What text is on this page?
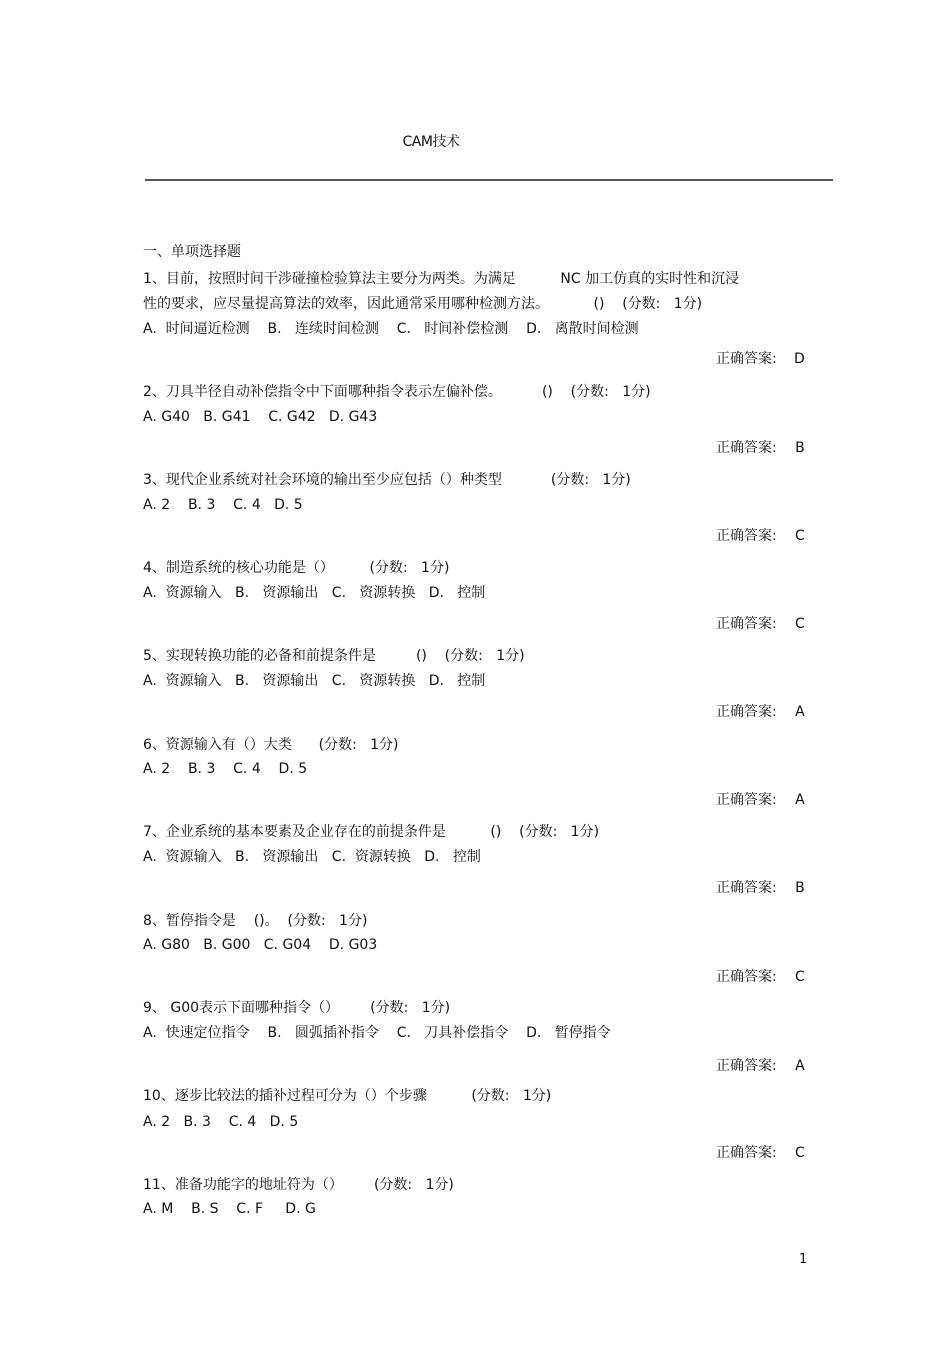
CAM技术
一、单项选择题
1、目前，按照时间干涉碰撞检验算法主要分为两类。为满足          NC 加工仿真的实时性和沉浸
性的要求，应尽量提高算法的效率，因此通常采用哪种检测方法。          ()    (分数:   1分)
A.  时间逼近检测    B.   连续时间检测    C.   时间补偿检测    D.   离散时间检测
正确答案: D
2、刀具半径自动补偿指令中下面哪种指令表示左偏补偿。         ()    (分数:   1分)
A. G40   B. G41    C. G42   D. G43
正确答案: B
3、现代企业系统对社会环境的输出至少应包括（）种类型           (分数:   1分)
A. 2    B. 3    C. 4   D. 5
正确答案: C
4、制造系统的核心功能是（）        (分数:   1分)
A.  资源输入   B.   资源输出   C.   资源转换   D.   控制
正确答案: C
5、实现转换功能的必备和前提条件是         ()    (分数:   1分)
A.  资源输入   B.   资源输出   C.   资源转换   D.   控制
正确答案: A
6、资源输入有（）大类      (分数:   1分)
A. 2    B. 3    C. 4    D. 5
正确答案: A
7、企业系统的基本要素及企业存在的前提条件是          ()    (分数:   1分)
A.  资源输入   B.   资源输出   C.  资源转换   D.   控制
正确答案: B
8、暂停指令是    ()。  (分数:   1分)
A. G80   B. G00   C. G04    D. G03
正确答案: C
9、 G00表示下面哪种指令（）       (分数:   1分)
A.  快速定位指令    B.   圆弧插补指令    C.   刀具补偿指令    D.   暂停指令
正确答案: A
10、逐步比较法的插补过程可分为（）个步骤          (分数:   1分)
A. 2   B. 3    C. 4   D. 5
正确答案: C
11、准备功能字的地址符为（）       (分数:   1分)
A. M    B. S    C. F     D. G
1
